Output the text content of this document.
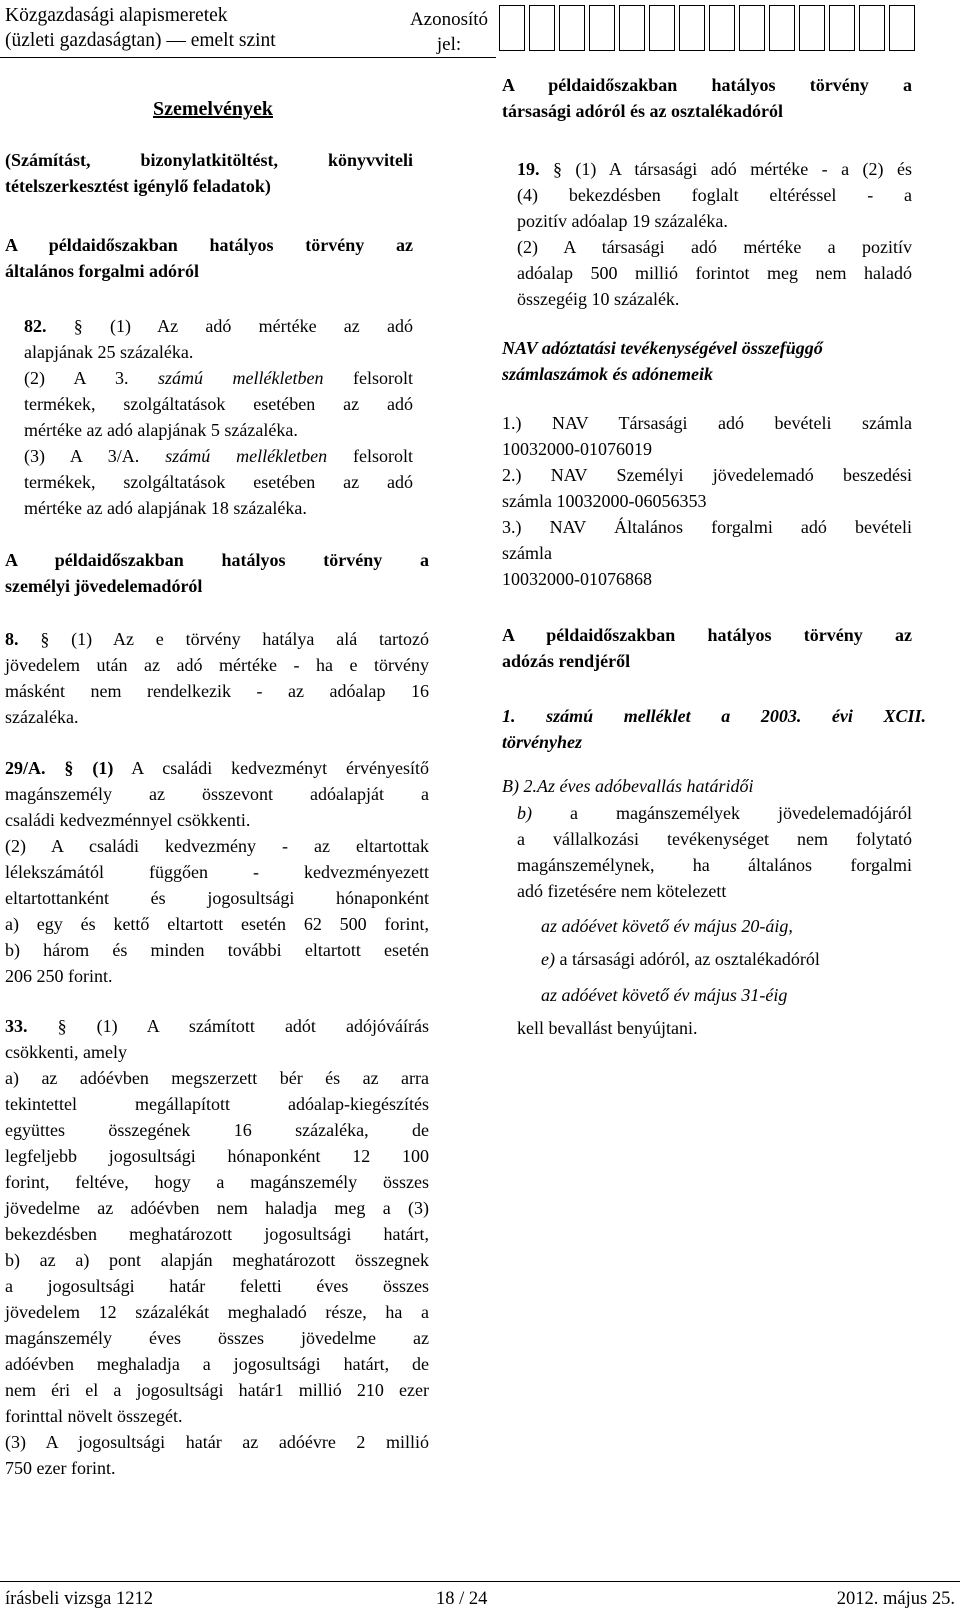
Közgazdasági alapismeretek
(üzleti gazdaságtan) — emelt szint
Azonosító
jel:
Szemelvények

(Számítást, bizonylatkitöltést, könyvviteli

tételszerkesztést igénylő feladatok)

A példaidőszakban hatályos törvény az

általános forgalmi adóról

82. § (1) Az adó mértéke az adó

alapjának 25 százaléka.

(2) A 3. számú mellékletben felsorolt

termékek, szolgáltatások esetében az adó

mértéke az adó alapjának 5 százaléka.

(3) A 3/A. számú mellékletben felsorolt

termékek, szolgáltatások esetében az adó

mértéke az adó alapjának 18 százaléka.

A példaidőszakban hatályos törvény a

személyi jövedelemadóról

8. § (1) Az e törvény hatálya alá tartozó

jövedelem után az adó mértéke - ha e törvény

másként nem rendelkezik - az adóalap 16

százaléka.

29/A. § (1) A családi kedvezményt érvényesítő

magánszemély az összevont adóalapját a

családi kedvezménnyel csökkenti.

(2) A családi kedvezmény - az eltartottak

lélekszámától függően - kedvezményezett

eltartottanként és jogosultsági hónaponként

a) egy és kettő eltartott esetén 62 500 forint,

b) három és minden további eltartott esetén

206 250 forint.

33. § (1) A számított adót adójóváírás

csökkenti, amely

a) az adóévben megszerzett bér és az arra

tekintettel megállapított adóalap-kiegészítés

együttes összegének 16 százaléka, de

legfeljebb jogosultsági hónaponként 12 100

forint, feltéve, hogy a magánszemély összes

jövedelme az adóévben nem haladja meg a (3)

bekezdésben meghatározott jogosultsági határt,

b) az a) pont alapján meghatározott összegnek

a jogosultsági határ feletti éves összes

jövedelem 12 százalékát meghaladó része, ha a

magánszemély éves összes jövedelme az

adóévben meghaladja a jogosultsági határt, de

nem éri el a jogosultsági határ1 millió 210 ezer

forinttal növelt összegét.

(3) A jogosultsági határ az adóévre 2 millió

750 ezer forint.

A példaidőszakban hatályos törvény a

társasági adóról és az osztalékadóról

19. § (1) A társasági adó mértéke - a (2) és

(4) bekezdésben foglalt eltéréssel - a

pozitív adóalap 19 százaléka.

(2) A társasági adó mértéke a pozitív

adóalap 500 millió forintot meg nem haladó

összegéig 10 százalék.

NAV adóztatási tevékenységével összefüggő

számlaszámok és adónemeik

1.) NAV Társasági adó bevételi számla

10032000-01076019

2.) NAV Személyi jövedelemadó beszedési

számla 10032000-06056353

3.) NAV Általános forgalmi adó bevételi

számla

10032000-01076868

A példaidőszakban hatályos törvény az

adózás rendjéről

1. számú melléklet a 2003. évi XCII.

törvényhez

B) 2.Az éves adóbevallás határidői

b) a magánszemélyek jövedelemadójáról

a vállalkozási tevékenységet nem folytató

magánszemélynek, ha általános forgalmi

adó fizetésére nem kötelezett

az adóévet követő év május 20-áig,
e) a társasági adóról, az osztalékadóról
az adóévet követő év május 31-éig
kell bevallást benyújtani.
írásbeli vizsga 1212	18 / 24	2012. május 25.
